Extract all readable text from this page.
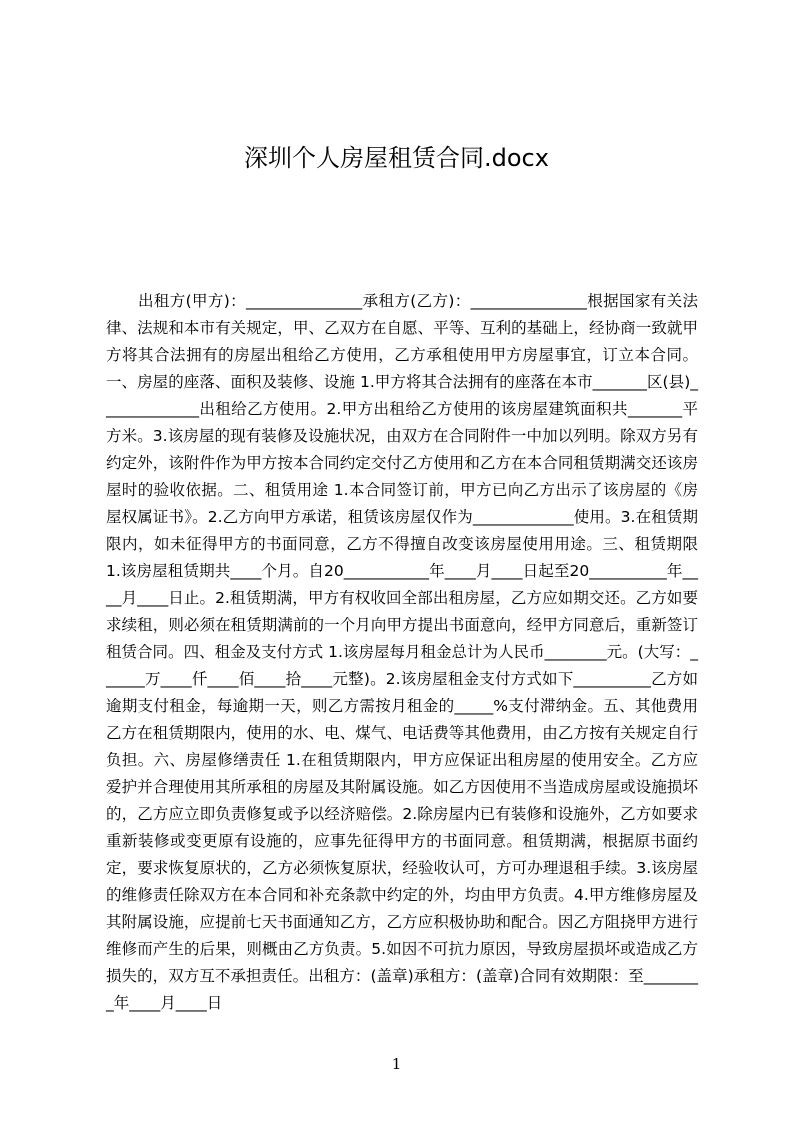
深圳个人房屋租赁合同.docx
出租方(甲方)：_______________承租方(乙方)：_______________根据国家有关法律、法规和本市有关规定，甲、乙双方在自愿、平等、互利的基础上，经协商一致就甲方将其合法拥有的房屋出租给乙方使用，乙方承租使用甲方房屋事宜，订立本合同。一、房屋的座落、面积及装修、设施 1.甲方将其合法拥有的座落在本市_______区(县)_____________出租给乙方使用。2.甲方出租给乙方使用的该房屋建筑面积共_______平方米。3.该房屋的现有装修及设施状况，由双方在合同附件一中加以列明。除双方另有约定外，该附件作为甲方按本合同约定交付乙方使用和乙方在本合同租赁期满交还该房屋时的验收依据。二、租赁用途 1.本合同签订前，甲方已向乙方出示了该房屋的《房屋权属证书》。2.乙方向甲方承诺，租赁该房屋仅作为_____________使用。3.在租赁期限内，如未征得甲方的书面同意，乙方不得擅自改变该房屋使用用途。三、租赁期限 1.该房屋租赁期共____个月。自20___________年____月____日起至20__________年____月____日止。2.租赁期满，甲方有权收回全部出租房屋，乙方应如期交还。乙方如要求续租，则必须在租赁期满前的一个月向甲方提出书面意向，经甲方同意后，重新签订租赁合同。四、租金及支付方式 1.该房屋每月租金总计为人民币________元。(大写：______万____仟____佰____拾____元整)。2.该房屋租金支付方式如下__________乙方如逾期支付租金，每逾期一天，则乙方需按月租金的_____%支付滞纳金。五、其他费用乙方在租赁期限内，使用的水、电、煤气、电话费等其他费用，由乙方按有关规定自行负担。六、房屋修缮责任 1.在租赁期限内，甲方应保证出租房屋的使用安全。乙方应爱护并合理使用其所承租的房屋及其附属设施。如乙方因使用不当造成房屋或设施损坏的，乙方应立即负责修复或予以经济赔偿。2.除房屋内已有装修和设施外，乙方如要求重新装修或变更原有设施的，应事先征得甲方的书面同意。租赁期满，根据原书面约定，要求恢复原状的，乙方必须恢复原状，经验收认可，方可办理退租手续。3.该房屋的维修责任除双方在本合同和补充条款中约定的外，均由甲方负责。4.甲方维修房屋及其附属设施，应提前七天书面通知乙方，乙方应积极协助和配合。因乙方阻挠甲方进行维修而产生的后果，则概由乙方负责。5.如因不可抗力原因，导致房屋损坏或造成乙方损失的，双方互不承担责任。出租方：(盖章)承租方：(盖章)合同有效期限：至________年____月____日
1
